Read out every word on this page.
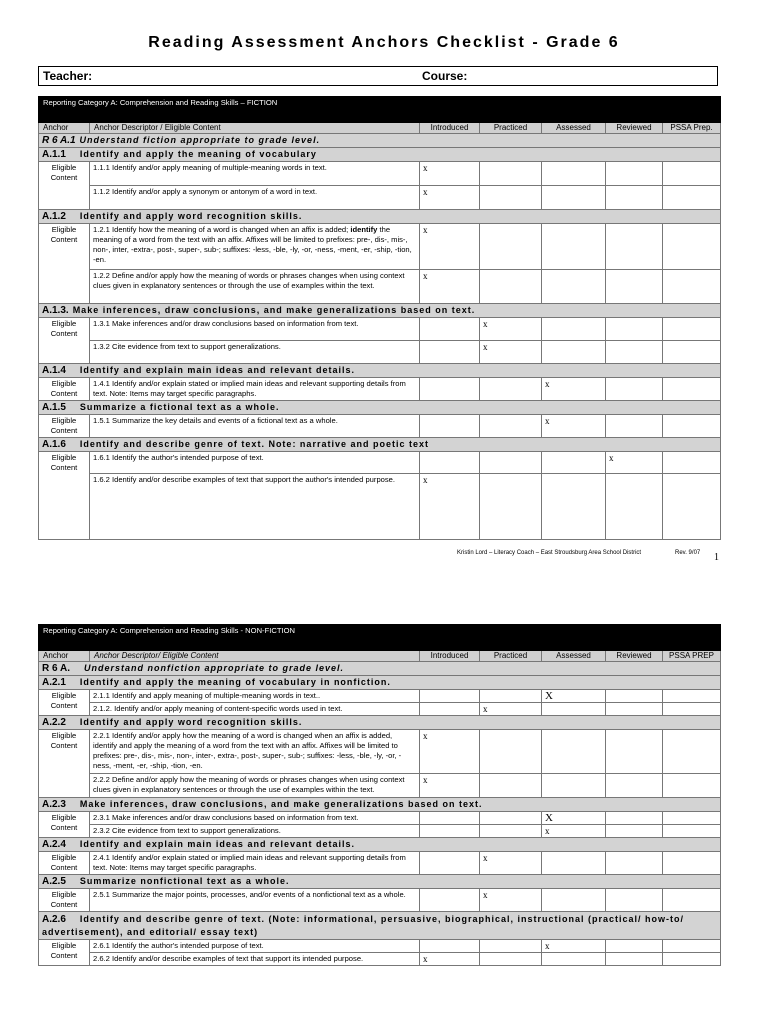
Reading Assessment Anchors Checklist - Grade 6
Teacher:	Course:
Reporting Category A: Comprehension and Reading Skills – FICTION						
Anchor	Anchor Descriptor / Eligible Content	Introduced	Practiced	Assessed	Reviewed	PSSA Prep.
R 6 A.1 Understand fiction appropriate to grade level.						
A.1.1 Identify and apply the meaning of vocabulary						
Eligible Content	1.1.1 Identify and/or apply meaning of multiple-meaning words in text.	x				
	1.1.2 Identify and/or apply a synonym or antonym of a word in text.	x				
A.1.2 Identify and apply word recognition skills.						
Eligible Content	1.2.1 Identify how the meaning of a word is changed when an affix is added; identify the meaning of a word from the text with an affix. Affixes will be limited to prefixes: pre-, dis-, mis-, non-, inter, -extra-, post-, super-, sub-; suffixes: -less, -ble, -ly, -or, -ness, -ment, -er, -ship, -tion, -en.	x				
	1.2.2 Define and/or apply how the meaning of words or phrases changes when using context clues given in explanatory sentences or through the use of examples within the text.	x				
A.1.3. Make inferences, draw conclusions, and make generalizations based on text.						
Eligible Content	1.3.1 Make inferences and/or draw conclusions based on information from text.		x			
	1.3.2 Cite evidence from text to support generalizations.		x			
A.1.4 Identify and explain main ideas and relevant details.						
Eligible Content	1.4.1 Identify and/or explain stated or implied main ideas and relevant supporting details from text. Note: Items may target specific paragraphs.			x		
A.1.5 Summarize a fictional text as a whole.						
Eligible Content	1.5.1 Summarize the key details and events of a fictional text as a whole.			x		
A.1.6 Identify and describe genre of text. Note: narrative and poetic text						
Eligible Content	1.6.1 Identify the author's intended purpose of text.				x	
	1.6.2 Identify and/or describe examples of text that support the author's intended purpose.	x				
Kristin Lord – Literacy Coach – East Stroudsburg Area School District	Rev. 9/07 1
Reporting Category A: Comprehension and Reading Skills - NON-FICTION						
Anchor	Anchor Descriptor/ Eligible Content	Introduced	Practiced	Assessed	Reviewed	PSSA PREP
R 6 A. Understand nonfiction appropriate to grade level.						
A.2.1 Identify and apply the meaning of vocabulary in nonfiction.						
Eligible Content	2.1.1 Identify and apply meaning of multiple-meaning words in text..			X		
	2.1.2. Identify and/or apply meaning of content-specific words used in text.		x			
A.2.2 Identify and apply word recognition skills.						
Eligible Content	2.2.1 Identify and/or apply how the meaning of a word is changed when an affix is added, identify and apply the meaning of a word from the text with an affix. Affixes will be limited to prefixes: pre-, dis-, mis-, non-, inter-, extra-, post-, super-, sub-; suffixes: -less, -ble, -ly, -or, -ness, -ment, -er, -ship, -tion, -en.	x				
	2.2.2 Define and/or apply how the meaning of words or phrases changes when using context clues given in explanatory sentences or through the use of examples within the text.	x				
A.2.3 Make inferences, draw conclusions, and make generalizations based on text.						
Eligible Content	2.3.1 Make inferences and/or draw conclusions based on information from text.			X		
	2.3.2 Cite evidence from text to support generalizations.			x		
A.2.4 Identify and explain main ideas and relevant details.						
Eligible Content	2.4.1 Identify and/or explain stated or implied main ideas and relevant supporting details from text. Note: Items may target specific paragraphs.		x			
A.2.5 Summarize nonfictional text as a whole.						
Eligible Content	2.5.1 Summarize the major points, processes, and/or events of a nonfictional text as a whole.		x			
A.2.6 Identify and describe genre of text. (Note: informational, persuasive, biographical, instructional (practical/ how-to/ advertisement), and editorial/ essay text)						
Eligible Content	2.6.1 Identify the author's intended purpose of text.			x		
	2.6.2 Identify and/or describe examples of text that support its intended purpose.	x				
